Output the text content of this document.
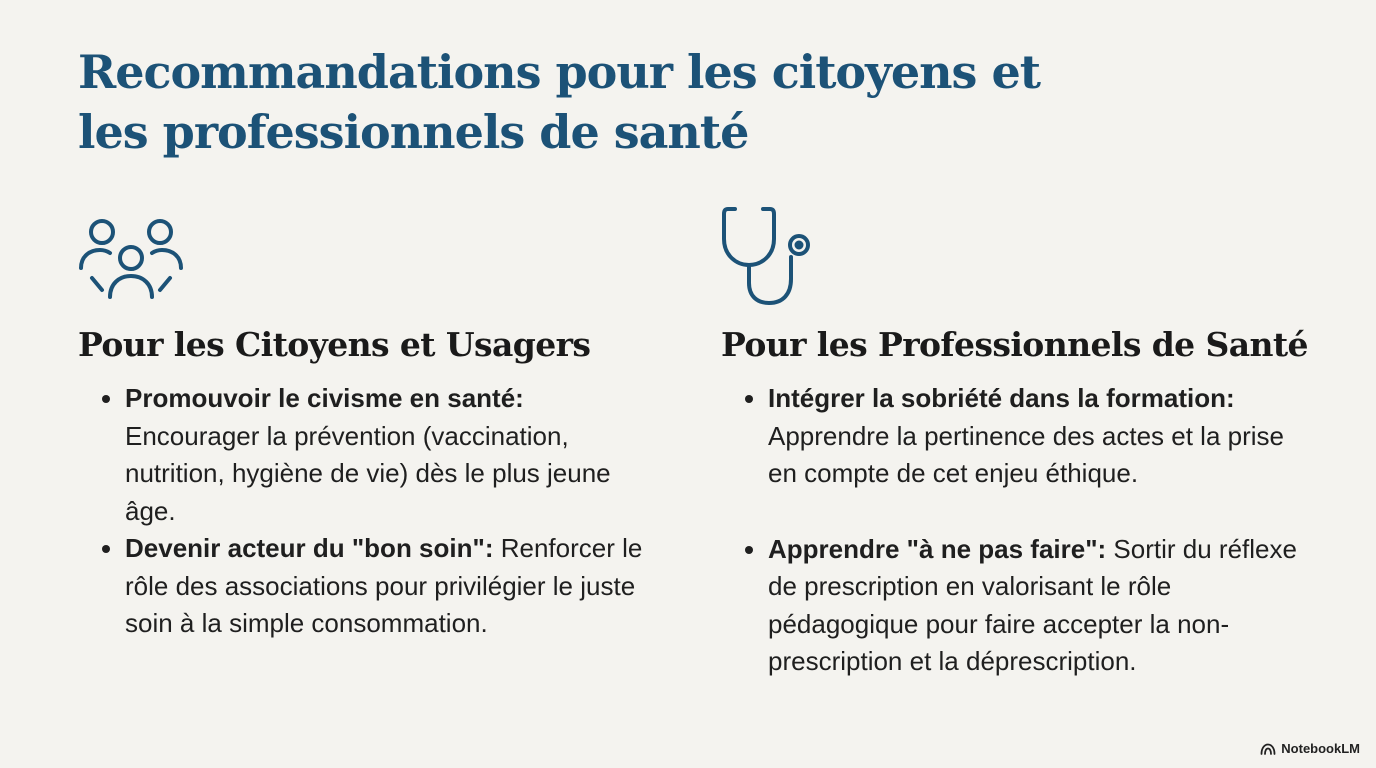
Recommandations pour les citoyens et les professionnels de santé
Pour les Citoyens et Usagers
Promouvoir le civisme en santé: Encourager la prévention (vaccination, nutrition, hygiène de vie) dès le plus jeune âge.
Devenir acteur du "bon soin": Renforcer le rôle des associations pour privilégier le juste soin à la simple consommation.
Pour les Professionnels de Santé
Intégrer la sobriété dans la formation: Apprendre la pertinence des actes et la prise en compte de cet enjeu éthique.
Apprendre "à ne pas faire": Sortir du réflexe de prescription en valorisant le rôle pédagogique pour faire accepter la non-prescription et la déprescription.
NotebookLM
